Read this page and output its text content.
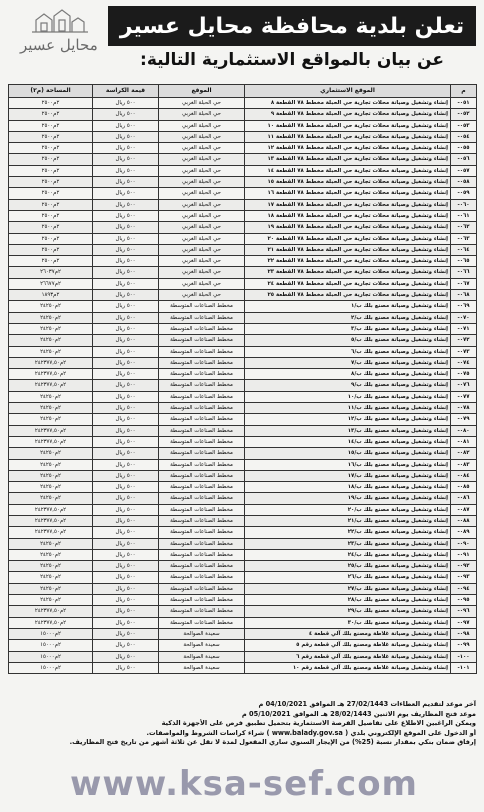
محايل عسير
تعلن بلدية محافظة محايل عسير
عن بيان بالمواقع الاستثمارية التالية:
م	الموقع الاستثماري	الموقع	قيمة الكراسة	المساحة (م٢)
٠٥١-	إنشاء وتشغيل وصيانة محلات تجارية حي الحبلة مخطط ٧٨ القطعة ٨	حي الحبلة الغربي	٥٠٠ ريال	٢م٢٥٠٠
٠٥٢-	إنشاء وتشغيل وصيانة محلات تجارية حي الحبلة مخطط ٧٨ القطعة ٩	حي الحبلة الغربي	٥٠٠ ريال	٢م٢٥٠٠
٠٥٣-	إنشاء وتشغيل وصيانة محلات تجارية حي الحبلة مخطط ٧٨ القطعة ١٠	حي الحبلة الغربي	٥٠٠ ريال	٢م٢٥٠٠
٠٥٤-	إنشاء وتشغيل وصيانة محلات تجارية حي الحبلة مخطط ٧٨ القطعة ١١	حي الحبلة الغربي	٥٠٠ ريال	٢م٢٥٠٠
٠٥٥-	إنشاء وتشغيل وصيانة محلات تجارية حي الحبلة مخطط ٧٨ القطعة ١٢	حي الحبلة الغربي	٥٠٠ ريال	٢م٢٥٠٠
٠٥٦-	إنشاء وتشغيل وصيانة محلات تجارية حي الحبلة مخطط ٧٨ القطعة ١٣	حي الحبلة الغربي	٥٠٠ ريال	٢م٢٥٠٠
٠٥٧-	إنشاء وتشغيل وصيانة محلات تجارية حي الحبلة مخطط ٧٨ القطعة ١٤	حي الحبلة الغربي	٥٠٠ ريال	٢م٢٥٠٠
٠٥٨-	إنشاء وتشغيل وصيانة محلات تجارية حي الحبلة مخطط ٧٨ القطعة ١٥	حي الحبلة الغربي	٥٠٠ ريال	٢م٢٥٠٠
٠٥٩-	إنشاء وتشغيل وصيانة محلات تجارية حي الحبلة مخطط ٧٨ القطعة ١٦	حي الحبلة الغربي	٥٠٠ ريال	٢م٢٥٠٠
٠٦٠-	إنشاء وتشغيل وصيانة محلات تجارية حي الحبلة مخطط ٧٨ القطعة ١٧	حي الحبلة الغربي	٥٠٠ ريال	٢م٢٥٠٠
٠٦١-	إنشاء وتشغيل وصيانة محلات تجارية حي الحبلة مخطط ٧٨ القطعة ١٨	حي الحبلة الغربي	٥٠٠ ريال	٢م٢٥٠٠
٠٦٢-	إنشاء وتشغيل وصيانة محلات تجارية حي الحبلة مخطط ٧٨ القطعة ١٩	حي الحبلة الغربي	٥٠٠ ريال	٢م٢٥٠٠
٠٦٣-	إنشاء وتشغيل وصيانة محلات تجارية حي الحبلة مخطط ٧٨ القطعة ٢٠	حي الحبلة الغربي	٥٠٠ ريال	٢م٢٥٠٠
٠٦٤-	إنشاء وتشغيل وصيانة محلات تجارية حي الحبلة مخطط ٧٨ القطعة ٢١	حي الحبلة الغربي	٥٠٠ ريال	٢م٢٥٠٠
٠٦٥-	إنشاء وتشغيل وصيانة محلات تجارية حي الحبلة مخطط ٧٨ القطعة ٢٢	حي الحبلة الغربي	٥٠٠ ريال	٢م٢٥٠٠
٠٦٦-	إنشاء وتشغيل وصيانة محلات تجارية حي الحبلة مخطط ٧٨ القطعة ٢٣	حي الحبلة الغربي	٥٠٠ ريال	٢م٢٦٠٣٧
٠٦٧-	إنشاء وتشغيل وصيانة محلات تجارية حي الحبلة مخطط ٧٨ القطعة ٢٤	حي الحبلة الغربي	٥٠٠ ريال	٢م٢٦٦٧٧
٠٦٨-	إنشاء وتشغيل وصيانة محلات تجارية حي الحبلة مخطط ٧٨ القطعة ٢٥	حي الحبلة الغربي	٥٠٠ ريال	٢م١٨٩٣
٠٦٩-	إنشاء وتشغيل وصيانة مصنع بلك ب/١	مخطط الصناعات المتوسطة	٥٠٠ ريال	٢م٢٤٢٥٠
٠٧٠-	إنشاء وتشغيل وصيانة مصنع بلك ب/٢	مخطط الصناعات المتوسطة	٥٠٠ ريال	٢م٢٤٢٥٠
٠٧١-	إنشاء وتشغيل وصيانة مصنع بلك ب/٣	مخطط الصناعات المتوسطة	٥٠٠ ريال	٢م٢٤٢٥٠
٠٧٢-	إنشاء وتشغيل وصيانة مصنع بلك ب/٥	مخطط الصناعات المتوسطة	٥٠٠ ريال	٢م٢٤٢٥٠
٠٧٣-	إنشاء وتشغيل وصيانة مصنع بلك ب/٦	مخطط الصناعات المتوسطة	٥٠٠ ريال	٢م٢٤٢٥٠
٠٧٤-	إنشاء وتشغيل وصيانة مصنع بلك ب/٧	مخطط الصناعات المتوسطة	٥٠٠ ريال	٢م٢٤٢٣٧٧,٥٠
٠٧٥-	إنشاء وتشغيل وصيانة مصنع بلك ب/٨	مخطط الصناعات المتوسطة	٥٠٠ ريال	٢م٢٤٢٣٧٧,٥٠
٠٧٦-	إنشاء وتشغيل وصيانة مصنع بلك ب/٩	مخطط الصناعات المتوسطة	٥٠٠ ريال	٢م٢٤٢٣٧٧,٥٠
٠٧٧-	إنشاء وتشغيل وصيانة مصنع بلك ب/١٠	مخطط الصناعات المتوسطة	٥٠٠ ريال	٢م٢٤٢٥٠
٠٧٨-	إنشاء وتشغيل وصيانة مصنع بلك ب/١١	مخطط الصناعات المتوسطة	٥٠٠ ريال	٢م٢٤٢٥٠
٠٧٩-	إنشاء وتشغيل وصيانة مصنع بلك ب/١٢	مخطط الصناعات المتوسطة	٥٠٠ ريال	٢م٢٤٢٥٠
٠٨٠-	إنشاء وتشغيل وصيانة مصنع بلك ب/١٣	مخطط الصناعات المتوسطة	٥٠٠ ريال	٢م٢٤٢٣٧٧,٥٠
٠٨١-	إنشاء وتشغيل وصيانة مصنع بلك ب/١٤	مخطط الصناعات المتوسطة	٥٠٠ ريال	٢م٢٤٢٣٧٧,٥٠
٠٨٢-	إنشاء وتشغيل وصيانة مصنع بلك ب/١٥	مخطط الصناعات المتوسطة	٥٠٠ ريال	٢م٢٤٢٥٠
٠٨٣-	إنشاء وتشغيل وصيانة مصنع بلك ب/١٦	مخطط الصناعات المتوسطة	٥٠٠ ريال	٢م٢٤٢٥٠
٠٨٤-	إنشاء وتشغيل وصيانة مصنع بلك ب/١٧	مخطط الصناعات المتوسطة	٥٠٠ ريال	٢م٢٤٢٥٠
٠٨٥-	إنشاء وتشغيل وصيانة مصنع بلك ب/١٨	مخطط الصناعات المتوسطة	٥٠٠ ريال	٢م٢٤٢٥٠
٠٨٦-	إنشاء وتشغيل وصيانة مصنع بلك ب/١٩	مخطط الصناعات المتوسطة	٥٠٠ ريال	٢م٢٤٢٥٠
٠٨٧-	إنشاء وتشغيل وصيانة مصنع بلك ب/٢٠	مخطط الصناعات المتوسطة	٥٠٠ ريال	٢م٢٤٢٣٧٧,٥٠
٠٨٨-	إنشاء وتشغيل وصيانة مصنع بلك ب/٢١	مخطط الصناعات المتوسطة	٥٠٠ ريال	٢م٢٤٢٣٧٧,٥٠
٠٨٩-	إنشاء وتشغيل وصيانة مصنع بلك ب/٢٢	مخطط الصناعات المتوسطة	٥٠٠ ريال	٢م٢٤٢٣٧٧,٥٠
٠٩٠-	إنشاء وتشغيل وصيانة مصنع بلك ب/٢٣	مخطط الصناعات المتوسطة	٥٠٠ ريال	٢م٢٤٢٥٠
٠٩١-	إنشاء وتشغيل وصيانة مصنع بلك ب/٢٤	مخطط الصناعات المتوسطة	٥٠٠ ريال	٢م٢٤٢٥٠
٠٩٢-	إنشاء وتشغيل وصيانة مصنع بلك ب/٢٥	مخطط الصناعات المتوسطة	٥٠٠ ريال	٢م٢٤٢٥٠
٠٩٣-	إنشاء وتشغيل وصيانة مصنع بلك ب/٢٦	مخطط الصناعات المتوسطة	٥٠٠ ريال	٢م٢٤٢٥٠
٠٩٤-	إنشاء وتشغيل وصيانة مصنع بلك ب/٢٧	مخطط الصناعات المتوسطة	٥٠٠ ريال	٢م٢٤٢٥٠
٠٩٥-	إنشاء وتشغيل وصيانة مصنع بلك ب/٢٨	مخطط الصناعات المتوسطة	٥٠٠ ريال	٢م٢٤٢٥٠
٠٩٦-	إنشاء وتشغيل وصيانة مصنع بلك ب/٢٩	مخطط الصناعات المتوسطة	٥٠٠ ريال	٢م٢٤٢٣٧٧,٥٠
٠٩٧-	إنشاء وتشغيل وصيانة مصنع بلك ب/٣٠	مخطط الصناعات المتوسطة	٥٠٠ ريال	٢م٢٤٢٣٧٧,٥٠
٠٩٨-	إنشاء وتشغيل وصيانة غلاطة ومصنع بلك آلي قطعة ٤	سعيدة الصوالحة	٥٠٠ ريال	٢م١٥٠٠٠
٠٩٩-	إنشاء وتشغيل وصيانة غلاطة ومصنع بلك آلي قطعة رقم ٥	سعيدة الصوالحة	٥٠٠ ريال	٢م١٥٠٠٠
١٠٠-	إنشاء وتشغيل وصيانة غلاطة ومصنع بلك آلي قطعة رقم ٦	سعيدة الصوالحة	٥٠٠ ريال	٢م١٥٠٠٠
١٠١-	إنشاء وتشغيل وصيانة غلاطة ومصنع بلك آلي قطعة رقم ١٠	سعيدة الصوالحة	٥٠٠ ريال	٢م١٥٠٠٠
آخر موعد لتقديم العطاءات 27/02/1443 هـ الموافق 04/10/2021 م
موعد فتح المظاريف يوم الاثنين 28/02/1443 هـ الموافق 05/10/2021 م
ويمكن الراغبين الاطلاع على تفاصيل الفرصة الاستثمارية بتحميل تطبيق فرص على الأجهزة الذكية
أو الدخول على الموقع الإلكتروني بلدي ( www.balady.gov.sa ) شراء كراسات الشروط والمواصفات.
إرفاق ضمان بنكي بمقدار نسبة (25%) من الإيجار السنوي ساري المفعول لمدة لا تقل عن ثلاثة أشهر من تاريخ فتح المظاريف.
www.ksa-sef.com
